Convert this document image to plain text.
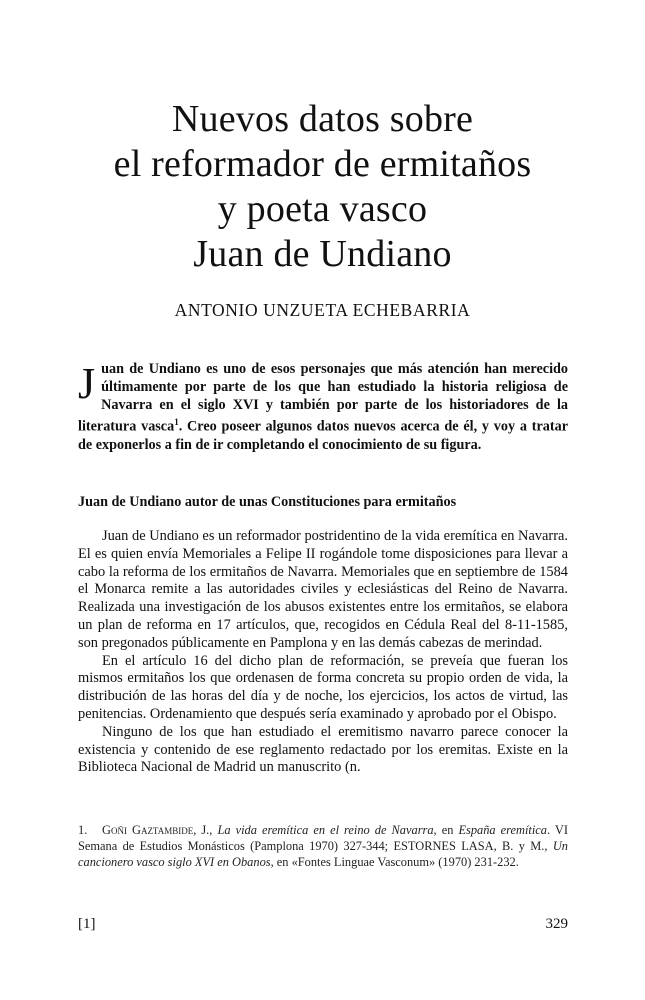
Nuevos datos sobre
el reformador de ermitaños
y poeta vasco
Juan de Undiano
ANTONIO UNZUETA ECHEBARRIA
Juan de Undiano es uno de esos personajes que más atención han merecido últimamente por parte de los que han estudiado la historia religiosa de Navarra en el siglo XVI y también por parte de los historiadores de la literatura vasca$^1$. Creo poseer algunos datos nuevos acerca de él, y voy a tratar de exponerlos a fin de ir completando el conocimiento de su figura.
Juan de Undiano autor de unas Constituciones para ermitaños

Juan de Undiano es un reformador postridentino de la vida eremítica en Navarra. El es quien envía Memoriales a Felipe II rogándole tome disposiciones para llevar a cabo la reforma de los ermitaños de Navarra. Memoriales que en septiembre de 1584 el Monarca remite a las autoridades civiles y eclesiásticas del Reino de Navarra. Realizada una investigación de los abusos existentes entre los ermitaños, se elabora un plan de reforma en 17 artículos, que, recogidos en Cédula Real del 8-11-1585, son pregonados públicamente en Pamplona y en las demás cabezas de merindad.

En el artículo 16 del dicho plan de reformación, se preveía que fueran los mismos ermitaños los que ordenasen de forma concreta su propio orden de vida, la distribución de las horas del día y de noche, los ejercicios, los actos de virtud, las penitencias. Ordenamiento que después sería examinado y aprobado por el Obispo.

Ninguno de los que han estudiado el eremitismo navarro parece conocer la existencia y contenido de ese reglamento redactado por los eremitas. Existe en la Biblioteca Nacional de Madrid un manuscrito (n.

1. Goñi Gaztambide, J., La vida eremítica en el reino de Navarra, en España eremítica. VI Semana de Estudios Monásticos (Pamplona 1970) 327-344; ESTORNES LASA, B. y M., Un cancionero vasco siglo XVI en Obanos, en «Fontes Linguae Vasconum» (1970) 231-232.
[1]	329
